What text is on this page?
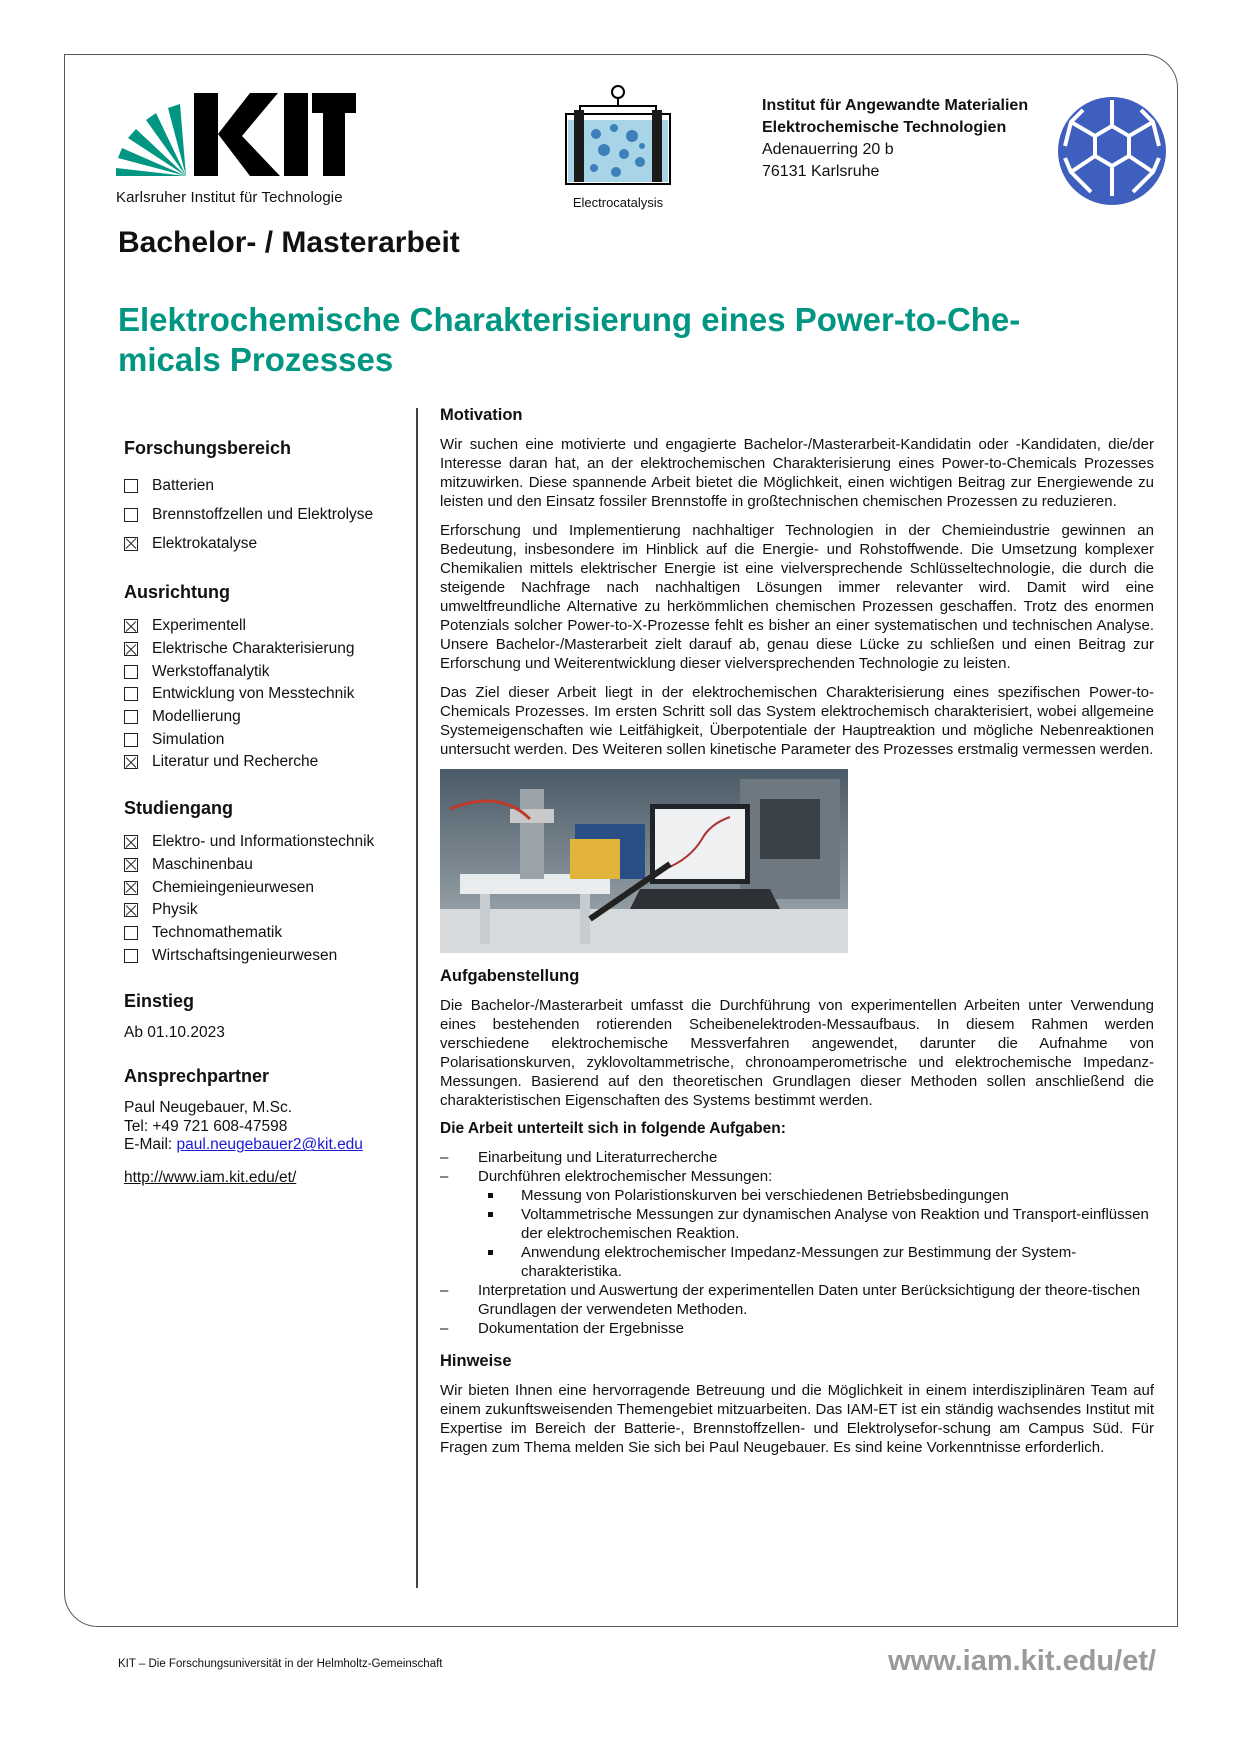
Karlsruher Institut für Technologie	Electrocatalysis
Institut für Angewandte Materialien
Elektrochemische Technologien
Adenauerring 20 b
76131 Karlsruhe
Bachelor- / Masterarbeit
Elektrochemische Charakterisierung eines Power-to-Che-micals Prozesses
Forschungsbereich
Batterien
Brennstoffzellen und Elektrolyse
Elektrokatalyse
Ausrichtung
Experimentell
Elektrische Charakterisierung
Werkstoffanalytik
Entwicklung von Messtechnik
Modellierung
Simulation
Literatur und Recherche
Studiengang
Elektro- und Informationstechnik
Maschinenbau
Chemieingenieurwesen
Physik
Technomathematik
Wirtschaftsingenieurwesen
Einstieg
Ab 01.10.2023
Ansprechpartner
Paul Neugebauer, M.Sc.
Tel: +49 721 608-47598
E-Mail: paul.neugebauer2@kit.edu
http://www.iam.kit.edu/et/
Motivation

Wir suchen eine motivierte und engagierte Bachelor-/Masterarbeit-Kandidatin oder -Kandidaten, die/der Interesse daran hat, an der elektrochemischen Charakterisierung eines Power-to-Chemicals Prozesses mitzuwirken. Diese spannende Arbeit bietet die Möglichkeit, einen wichtigen Beitrag zur Energiewende zu leisten und den Einsatz fossiler Brennstoffe in großtechnischen chemischen Prozessen zu reduzieren.

Erforschung und Implementierung nachhaltiger Technologien in der Chemieindustrie gewinnen an Bedeutung, insbesondere im Hinblick auf die Energie- und Rohstoffwende. Die Umsetzung komplexer Chemikalien mittels elektrischer Energie ist eine vielversprechende Schlüsseltechnologie, die durch die steigende Nachfrage nach nachhaltigen Lösungen immer relevanter wird. Damit wird eine umweltfreundliche Alternative zu herkömmlichen chemischen Prozessen geschaffen. Trotz des enormen Potenzials solcher Power-to-X-Prozesse fehlt es bisher an einer systematischen und technischen Analyse. Unsere Bachelor-/Masterarbeit zielt darauf ab, genau diese Lücke zu schließen und einen Beitrag zur Erforschung und Weiterentwicklung dieser vielversprechenden Technologie zu leisten.

Das Ziel dieser Arbeit liegt in der elektrochemischen Charakterisierung eines spezifischen Power-to-Chemicals Prozesses. Im ersten Schritt soll das System elektrochemisch charakterisiert, wobei allgemeine Systemeigenschaften wie Leitfähigkeit, Überpotentiale der Hauptreaktion und mögliche Nebenreaktionen untersucht werden. Des Weiteren sollen kinetische Parameter des Prozesses erstmalig vermessen werden.

Aufgabenstellung

Die Bachelor-/Masterarbeit umfasst die Durchführung von experimentellen Arbeiten unter Verwendung eines bestehenden rotierenden Scheibenelektroden-Messaufbaus. In diesem Rahmen werden verschiedene elektrochemische Messverfahren angewendet, darunter die Aufnahme von Polarisationskurven, zyklovoltammetrische, chronoamperometrische und elektrochemische Impedanz-Messungen. Basierend auf den theoretischen Grundlagen dieser Methoden sollen anschließend die charakteristischen Eigenschaften des Systems bestimmt werden.

Die Arbeit unterteilt sich in folgende Aufgaben:
– Einarbeitung und Literaturrecherche
– Durchführen elektrochemischer Messungen:
Messung von Polaristionskurven bei verschiedenen Betriebsbedingungen
Voltammetrische Messungen zur dynamischen Analyse von Reaktion und Transport-einflüssen der elektrochemischen Reaktion.
Anwendung elektrochemischer Impedanz-Messungen zur Bestimmung der System-charakteristika.
– Interpretation und Auswertung der experimentellen Daten unter Berücksichtigung der theore-tischen Grundlagen der verwendeten Methoden.
– Dokumentation der Ergebnisse
Hinweise

Wir bieten Ihnen eine hervorragende Betreuung und die Möglichkeit in einem interdisziplinären Team auf einem zukunftsweisenden Themengebiet mitzuarbeiten. Das IAM-ET ist ein ständig wachsendes Institut mit Expertise im Bereich der Batterie-, Brennstoffzellen- und Elektrolysefor-schung am Campus Süd. Für Fragen zum Thema melden Sie sich bei Paul Neugebauer. Es sind keine Vorkenntnisse erforderlich.

KIT – Die Forschungsuniversität in der Helmholtz-Gemeinschaft	www.iam.kit.edu/et/
